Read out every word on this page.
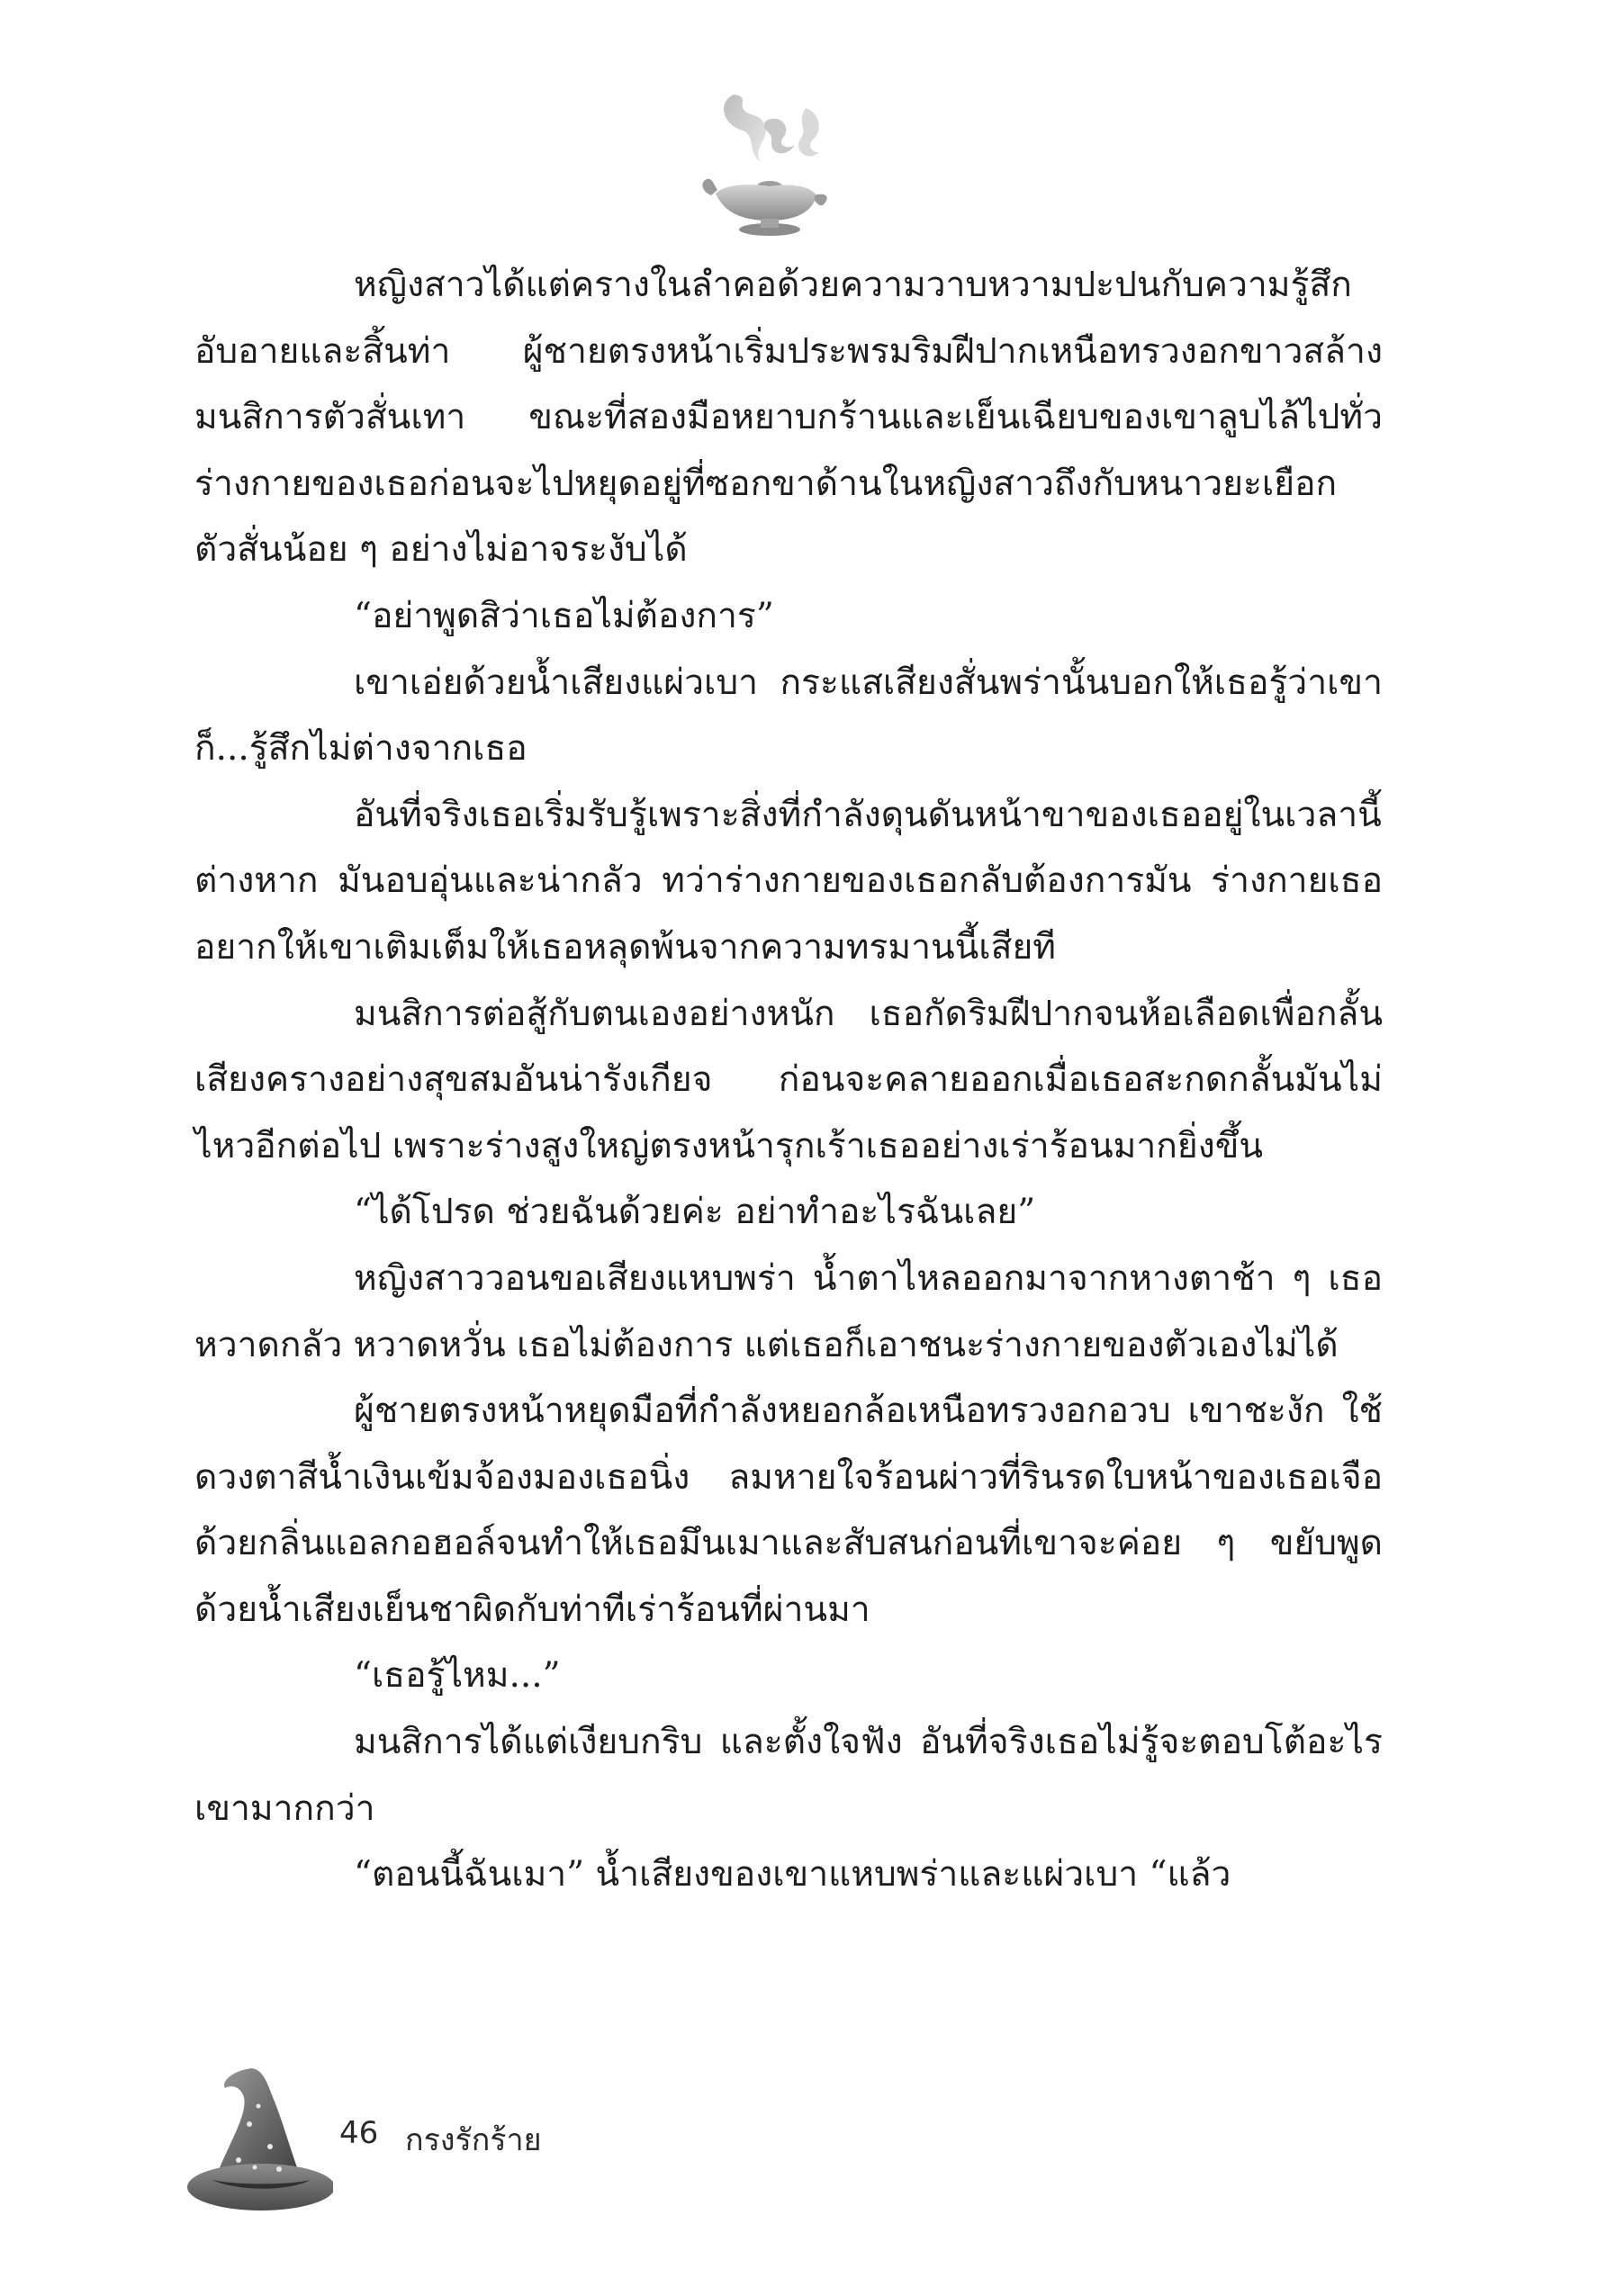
หญิงสาวได้แต่ครางในลำคอด้วยความวาบหวามปะปนกับความรู้สึกอับอายและสิ้นท่า ผู้ชายตรงหน้าเริ่มประพรมริมฝีปากเหนือทรวงอกขาวสล้าง มนสิการตัวสั่นเทา ขณะที่สองมือหยาบกร้านและเย็นเฉียบของเขาลูบไล้ไปทั่วร่างกายของเธอก่อนจะไปหยุดอยู่ที่ซอกขาด้านในหญิงสาวถึงกับหนาวยะเยือก ตัวสั่นน้อย ๆ อย่างไม่อาจระงับได้

“อย่าพูดสิว่าเธอไม่ต้องการ”

เขาเอ่ยด้วยน้ำเสียงแผ่วเบา กระแสเสียงสั่นพร่านั้นบอกให้เธอรู้ว่าเขาก็...รู้สึกไม่ต่างจากเธอ

อันที่จริงเธอเริ่มรับรู้เพราะสิ่งที่กำลังดุนดันหน้าขาของเธออยู่ในเวลานี้ต่างหาก มันอบอุ่นและน่ากลัว ทว่าร่างกายของเธอกลับต้องการมัน ร่างกายเธออยากให้เขาเติมเต็มให้เธอหลุดพ้นจากความทรมานนี้เสียที

มนสิการต่อสู้กับตนเองอย่างหนัก เธอกัดริมฝีปากจนห้อเลือดเพื่อกลั้นเสียงครางอย่างสุขสมอันน่ารังเกียจ ก่อนจะคลายออกเมื่อเธอสะกดกลั้นมันไม่ไหวอีกต่อไป เพราะร่างสูงใหญ่ตรงหน้ารุกเร้าเธออย่างเร่าร้อนมากยิ่งขึ้น

“ได้โปรด ช่วยฉันด้วยค่ะ อย่าทำอะไรฉันเลย”

หญิงสาววอนขอเสียงแหบพร่า น้ำตาไหลออกมาจากหางตาช้า ๆ เธอหวาดกลัว หวาดหวั่น เธอไม่ต้องการ แต่เธอก็เอาชนะร่างกายของตัวเองไม่ได้

ผู้ชายตรงหน้าหยุดมือที่กำลังหยอกล้อเหนือทรวงอกอวบ เขาชะงัก ใช้ดวงตาสีน้ำเงินเข้มจ้องมองเธอนิ่ง ลมหายใจร้อนผ่าวที่รินรดใบหน้าของเธอเจือด้วยกลิ่นแอลกอฮอล์จนทำให้เธอมึนเมาและสับสนก่อนที่เขาจะค่อย ๆ ขยับพูดด้วยน้ำเสียงเย็นชาผิดกับท่าทีเร่าร้อนที่ผ่านมา

“เธอรู้ไหม...”

มนสิการได้แต่เงียบกริบ และตั้งใจฟัง อันที่จริงเธอไม่รู้จะตอบโต้อะไรเขามากกว่า

“ตอนนี้ฉันเมา” น้ำเสียงของเขาแหบพร่าและแผ่วเบา “แล้ว

46 กรงรักร้าย
